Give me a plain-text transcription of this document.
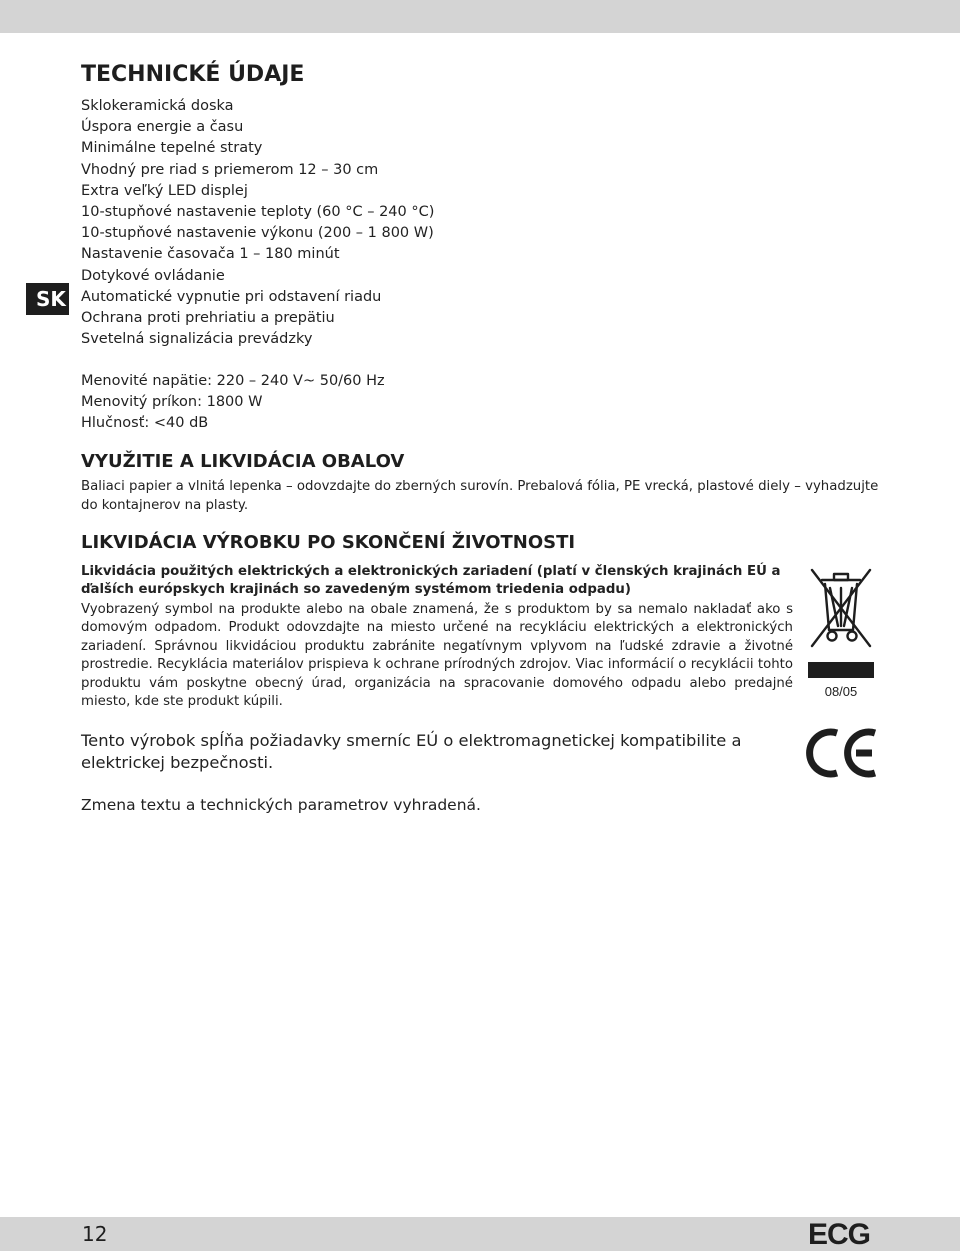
SK
TECHNICKÉ ÚDAJE
Sklokeramická doska
Úspora energie a času
Minimálne tepelné straty
Vhodný pre riad s priemerom 12 – 30 cm
Extra veľký LED displej
10-stupňové nastavenie teploty (60 °C – 240 °C)
10-stupňové nastavenie výkonu (200 – 1 800 W)
Nastavenie časovača 1 – 180 minút
Dotykové ovládanie
Automatické vypnutie pri odstavení riadu
Ochrana proti prehriatiu a prepätiu
Svetelná signalizácia prevádzky
Menovité napätie: 220 – 240 V~ 50/60 Hz
Menovitý príkon: 1800 W
Hlučnosť: <40 dB
VYUŽITIE A LIKVIDÁCIA OBALOV

Baliaci papier a vlnitá lepenka – odovzdajte do zberných surovín. Prebalová fólia, PE vrecká, plastové diely – vyhadzujte do kontajnerov na plasty.

LIKVIDÁCIA VÝROBKU PO SKONČENÍ ŽIVOTNOSTI

Likvidácia použitých elektrických a elektronických zariadení (platí v členských krajinách EÚ a ďalších európskych krajinách so zavedeným systémom triedenia odpadu)

Vyobrazený symbol na produkte alebo na obale znamená, že s produktom by sa nemalo nakladať ako s domovým odpadom. Produkt odovzdajte na miesto určené na recykláciu elektrických a elektronických zariadení. Správnou likvidáciou produktu zabránite negatívnym vplyvom na ľudské zdravie a životné prostredie. Recyklácia materiálov prispieva k ochrane prírodných zdrojov. Viac informácií o recyklácii tohto produktu vám poskytne obecný úrad, organizácia na spracovanie domového odpadu alebo predajné miesto, kde ste produkt kúpili.

Tento výrobok spĺňa požiadavky smerníc EÚ o elektromagnetickej kompatibilite a elektrickej bezpečnosti.

Zmena textu a technických parametrov vyhradená.

08/05
12	ECG
